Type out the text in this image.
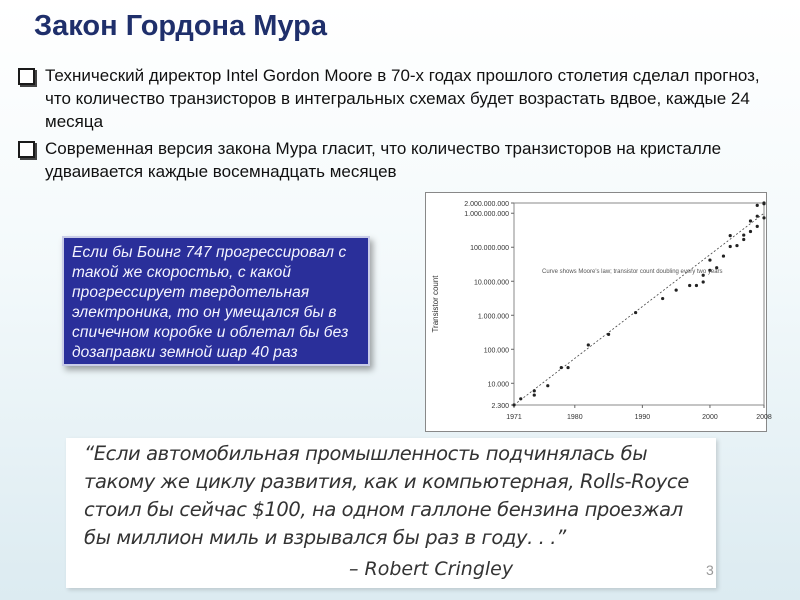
Закон Гордона Мура
Технический директор Intel Gordon Moore в 70-х годах прошлого столетия сделал прогноз, что количество транзисторов в интегральных схемах будет возрастать вдвое, каждые 24 месяца
Современная версия закона Мура гласит, что количество транзисторов на кристалле удваивается каждые восемнадцать месяцев
Если бы Боинг 747 прогрессировал с такой же скоростью, с какой прогрессирует твердотельная электроника, то он умещался бы в спичечном коробке и облетал бы без дозаправки земной шар 40 раз
2.000.000.000
1.000.000.000
100.000.000
10.000.000
1.000.000
100.000
10.000
2.300
1971	1980	1990	2000	2008
Transistor count
Curve shows Moore's law; transistor count doubling every two years
“Если автомобильная промышленность подчинялась бы такому же циклу развития, как и компьютерная, Rolls-Royce стоил бы сейчас $100, на одном галлоне бензина проезжал бы миллион миль и взрывался бы раз в году. . .”
– Robert Cringley	3
